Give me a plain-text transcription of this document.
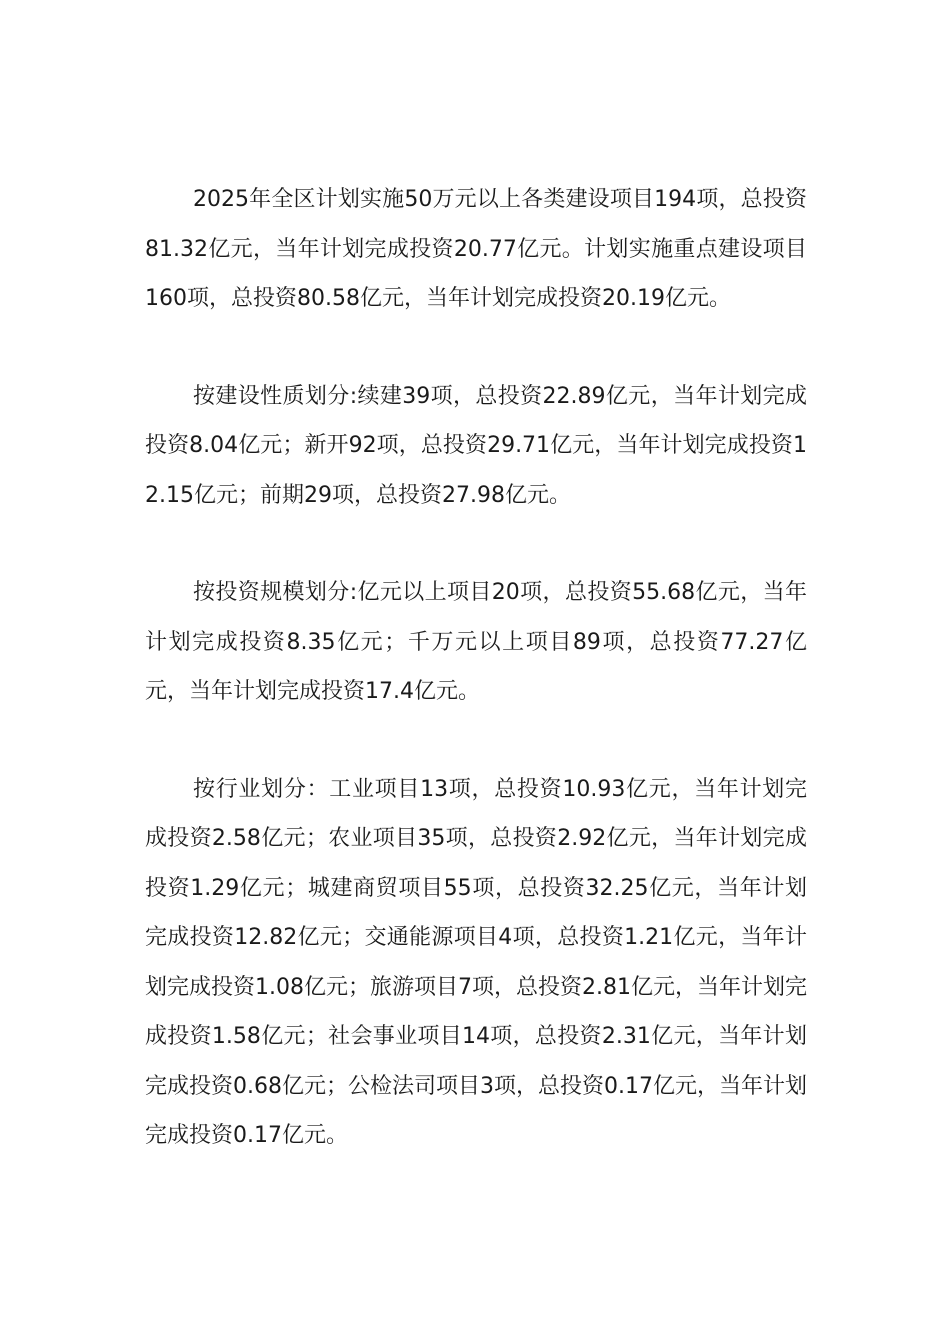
2025年全区计划实施50万元以上各类建设项目194项，总投资81.32亿元，当年计划完成投资20.77亿元。计划实施重点建设项目160项，总投资80.58亿元，当年计划完成投资20.19亿元。

按建设性质划分:续建39项，总投资22.89亿元，当年计划完成投资8.04亿元；新开92项，总投资29.71亿元，当年计划完成投资12.15亿元；前期29项，总投资27.98亿元。

按投资规模划分:亿元以上项目20项，总投资55.68亿元，当年计划完成投资8.35亿元；千万元以上项目89项，总投资77.27亿元，当年计划完成投资17.4亿元。

按行业划分：工业项目13项，总投资10.93亿元，当年计划完成投资2.58亿元；农业项目35项，总投资2.92亿元，当年计划完成投资1.29亿元；城建商贸项目55项，总投资32.25亿元，当年计划完成投资12.82亿元；交通能源项目4项，总投资1.21亿元，当年计划完成投资1.08亿元；旅游项目7项，总投资2.81亿元，当年计划完成投资1.58亿元；社会事业项目14项，总投资2.31亿元，当年计划完成投资0.68亿元；公检法司项目3项，总投资0.17亿元，当年计划完成投资0.17亿元。
